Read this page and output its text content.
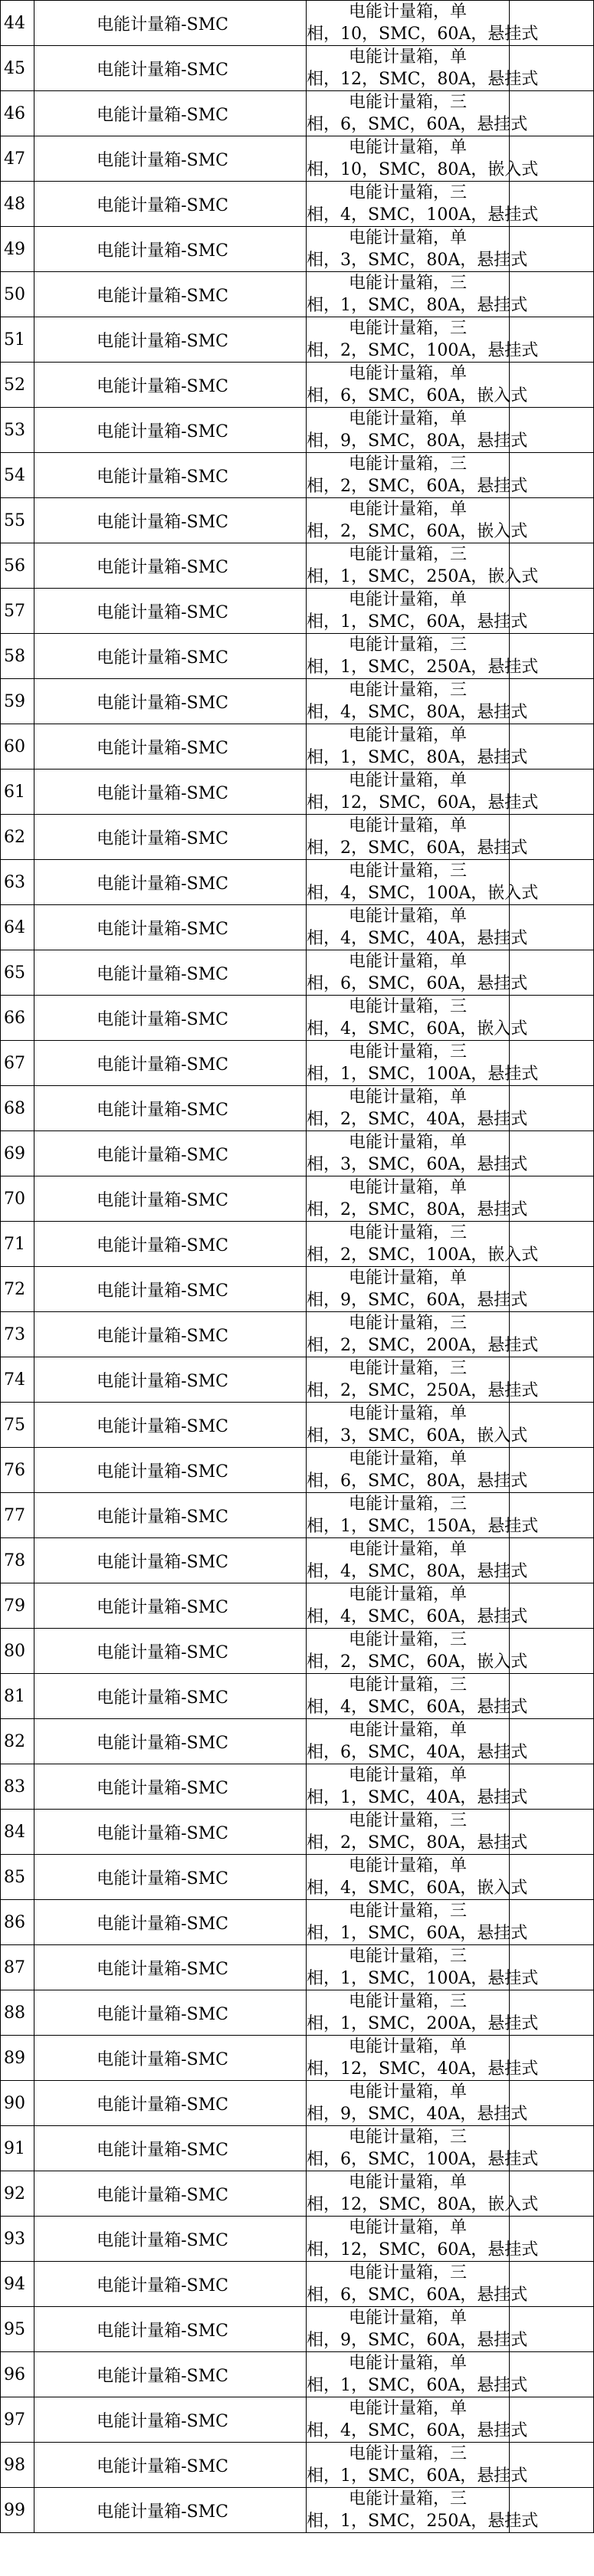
44	电能计量箱-SMC	电能计量箱，单
相，10，SMC，60A，悬挂式	

45	电能计量箱-SMC	电能计量箱，单
相，12，SMC，80A，悬挂式	

46	电能计量箱-SMC	电能计量箱，三
相，6，SMC，60A，悬挂式	

47	电能计量箱-SMC	电能计量箱，单
相，10，SMC，80A，嵌入式	

48	电能计量箱-SMC	电能计量箱，三
相，4，SMC，100A，悬挂式	

49	电能计量箱-SMC	电能计量箱，单
相，3，SMC，80A，悬挂式	

50	电能计量箱-SMC	电能计量箱，三
相，1，SMC，80A，悬挂式	

51	电能计量箱-SMC	电能计量箱，三
相，2，SMC，100A，悬挂式	

52	电能计量箱-SMC	电能计量箱，单
相，6，SMC，60A，嵌入式	

53	电能计量箱-SMC	电能计量箱，单
相，9，SMC，80A，悬挂式	

54	电能计量箱-SMC	电能计量箱，三
相，2，SMC，60A，悬挂式	

55	电能计量箱-SMC	电能计量箱，单
相，2，SMC，60A，嵌入式	

56	电能计量箱-SMC	电能计量箱，三
相，1，SMC，250A，嵌入式	

57	电能计量箱-SMC	电能计量箱，单
相，1，SMC，60A，悬挂式	

58	电能计量箱-SMC	电能计量箱，三
相，1，SMC，250A，悬挂式	

59	电能计量箱-SMC	电能计量箱，三
相，4，SMC，80A，悬挂式	

60	电能计量箱-SMC	电能计量箱，单
相，1，SMC，80A，悬挂式	

61	电能计量箱-SMC	电能计量箱，单
相，12，SMC，60A，悬挂式	

62	电能计量箱-SMC	电能计量箱，单
相，2，SMC，60A，悬挂式	

63	电能计量箱-SMC	电能计量箱，三
相，4，SMC，100A，嵌入式	

64	电能计量箱-SMC	电能计量箱，单
相，4，SMC，40A，悬挂式	

65	电能计量箱-SMC	电能计量箱，单
相，6，SMC，60A，悬挂式	

66	电能计量箱-SMC	电能计量箱，三
相，4，SMC，60A，嵌入式	

67	电能计量箱-SMC	电能计量箱，三
相，1，SMC，100A，悬挂式	

68	电能计量箱-SMC	电能计量箱，单
相，2，SMC，40A，悬挂式	

69	电能计量箱-SMC	电能计量箱，单
相，3，SMC，60A，悬挂式	

70	电能计量箱-SMC	电能计量箱，单
相，2，SMC，80A，悬挂式	

71	电能计量箱-SMC	电能计量箱，三
相，2，SMC，100A，嵌入式	

72	电能计量箱-SMC	电能计量箱，单
相，9，SMC，60A，悬挂式	

73	电能计量箱-SMC	电能计量箱，三
相，2，SMC，200A，悬挂式	

74	电能计量箱-SMC	电能计量箱，三
相，2，SMC，250A，悬挂式	

75	电能计量箱-SMC	电能计量箱，单
相，3，SMC，60A，嵌入式	

76	电能计量箱-SMC	电能计量箱，单
相，6，SMC，80A，悬挂式	

77	电能计量箱-SMC	电能计量箱，三
相，1，SMC，150A，悬挂式	

78	电能计量箱-SMC	电能计量箱，单
相，4，SMC，80A，悬挂式	

79	电能计量箱-SMC	电能计量箱，单
相，4，SMC，60A，悬挂式	

80	电能计量箱-SMC	电能计量箱，三
相，2，SMC，60A，嵌入式	

81	电能计量箱-SMC	电能计量箱，三
相，4，SMC，60A，悬挂式	

82	电能计量箱-SMC	电能计量箱，单
相，6，SMC，40A，悬挂式	

83	电能计量箱-SMC	电能计量箱，单
相，1，SMC，40A，悬挂式	

84	电能计量箱-SMC	电能计量箱，三
相，2，SMC，80A，悬挂式	

85	电能计量箱-SMC	电能计量箱，单
相，4，SMC，60A，嵌入式	

86	电能计量箱-SMC	电能计量箱，三
相，1，SMC，60A，悬挂式	

87	电能计量箱-SMC	电能计量箱，三
相，1，SMC，100A，悬挂式	

88	电能计量箱-SMC	电能计量箱，三
相，1，SMC，200A，悬挂式	

89	电能计量箱-SMC	电能计量箱，单
相，12，SMC，40A，悬挂式	

90	电能计量箱-SMC	电能计量箱，单
相，9，SMC，40A，悬挂式	

91	电能计量箱-SMC	电能计量箱，三
相，6，SMC，100A，悬挂式	

92	电能计量箱-SMC	电能计量箱，单
相，12，SMC，80A，嵌入式	

93	电能计量箱-SMC	电能计量箱，单
相，12，SMC，60A，悬挂式	

94	电能计量箱-SMC	电能计量箱，三
相，6，SMC，60A，悬挂式	

95	电能计量箱-SMC	电能计量箱，单
相，9，SMC，60A，悬挂式	

96	电能计量箱-SMC	电能计量箱，单
相，1，SMC，60A，悬挂式	

97	电能计量箱-SMC	电能计量箱，单
相，4，SMC，60A，悬挂式	

98	电能计量箱-SMC	电能计量箱，三
相，1，SMC，60A，悬挂式	

99	电能计量箱-SMC	电能计量箱，三
相，1，SMC，250A，悬挂式	
